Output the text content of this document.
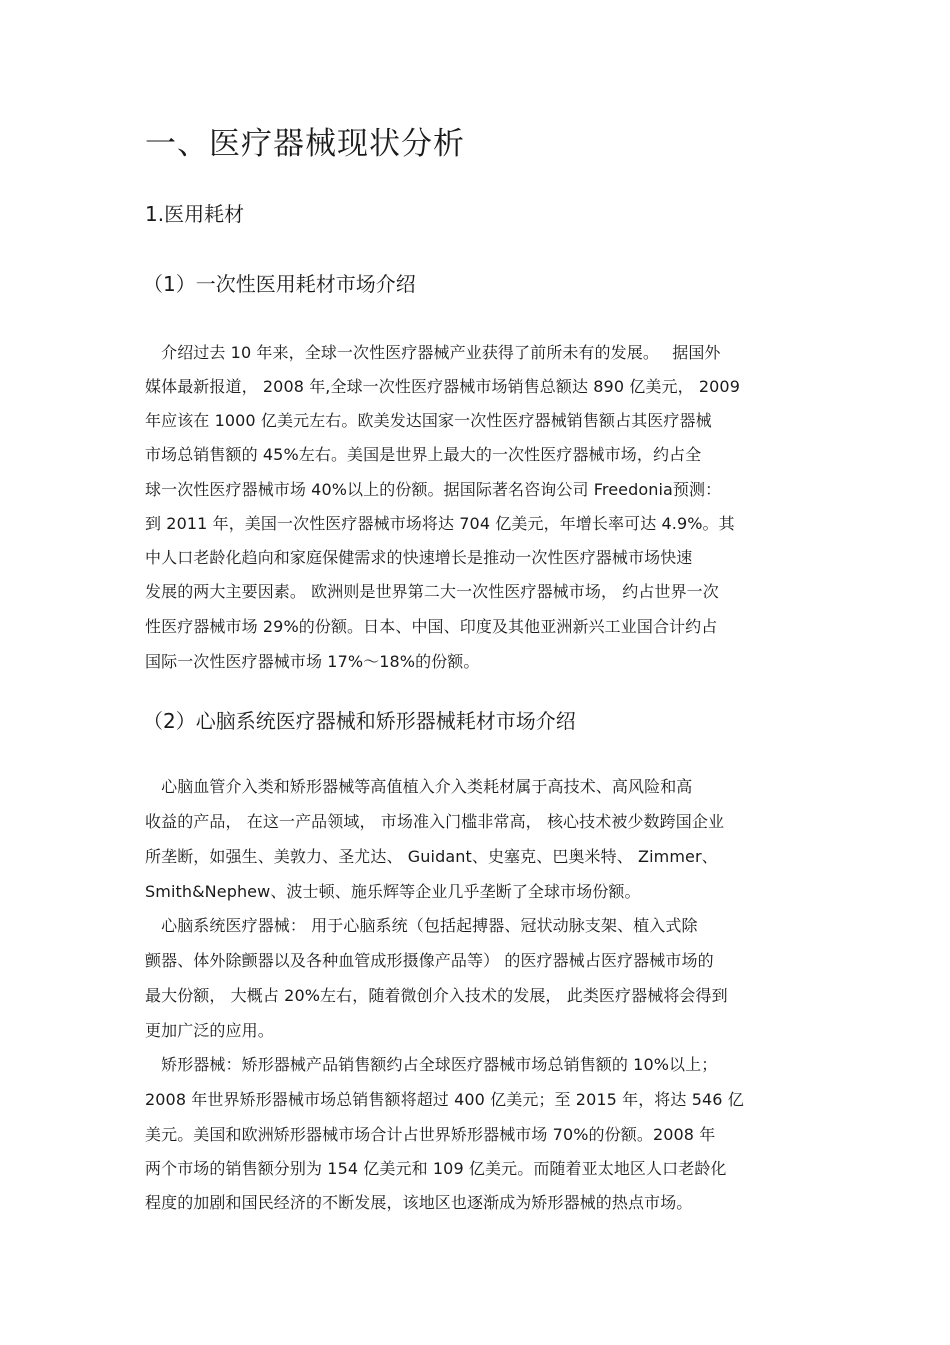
一、医疗器械现状分析
1.医用耗材
（1）一次性医用耗材市场介绍
　介绍过去 10 年来，全球一次性医疗器械产业获得了前所未有的发展。　 据国外
媒体最新报道， 2008 年,全球一次性医疗器械市场销售总额达 890 亿美元， 2009
年应该在 1000 亿美元左右。欧美发达国家一次性医疗器械销售额占其医疗器械
市场总销售额的 45%左右。美国是世界上最大的一次性医疗器械市场，约占全
球一次性医疗器械市场 40%以上的份额。据国际著名咨询公司 Freedonia预测：
到 2011 年，美国一次性医疗器械市场将达 704 亿美元，年增长率可达 4.9%。其
中人口老龄化趋向和家庭保健需求的快速增长是推动一次性医疗器械市场快速
发展的两大主要因素。 欧洲则是世界第二大一次性医疗器械市场， 约占世界一次
性医疗器械市场 29%的份额。日本、中国、印度及其他亚洲新兴工业国合计约占
国际一次性医疗器械市场 17%～18%的份额。
（2）心脑系统医疗器械和矫形器械耗材市场介绍
　心脑血管介入类和矫形器械等高值植入介入类耗材属于高技术、高风险和高
收益的产品， 在这一产品领域， 市场准入门槛非常高， 核心技术被少数跨国企业
所垄断，如强生、美敦力、圣尤达、 Guidant、史塞克、巴奥米特、 Zimmer、
Smith&Nephew、波士顿、施乐辉等企业几乎垄断了全球市场份额。
　心脑系统医疗器械： 用于心脑系统（包括起搏器、冠状动脉支架、植入式除
颤器、体外除颤器以及各种血管成形摄像产品等） 的医疗器械占医疗器械市场的
最大份额， 大概占 20%左右，随着微创介入技术的发展， 此类医疗器械将会得到
更加广泛的应用。
　矫形器械：矫形器械产品销售额约占全球医疗器械市场总销售额的 10%以上；
2008 年世界矫形器械市场总销售额将超过 400 亿美元；至 2015 年，将达 546 亿
美元。美国和欧洲矫形器械市场合计占世界矫形器械市场 70%的份额。2008 年
两个市场的销售额分别为 154 亿美元和 109 亿美元。而随着亚太地区人口老龄化
程度的加剧和国民经济的不断发展，该地区也逐渐成为矫形器械的热点市场。
